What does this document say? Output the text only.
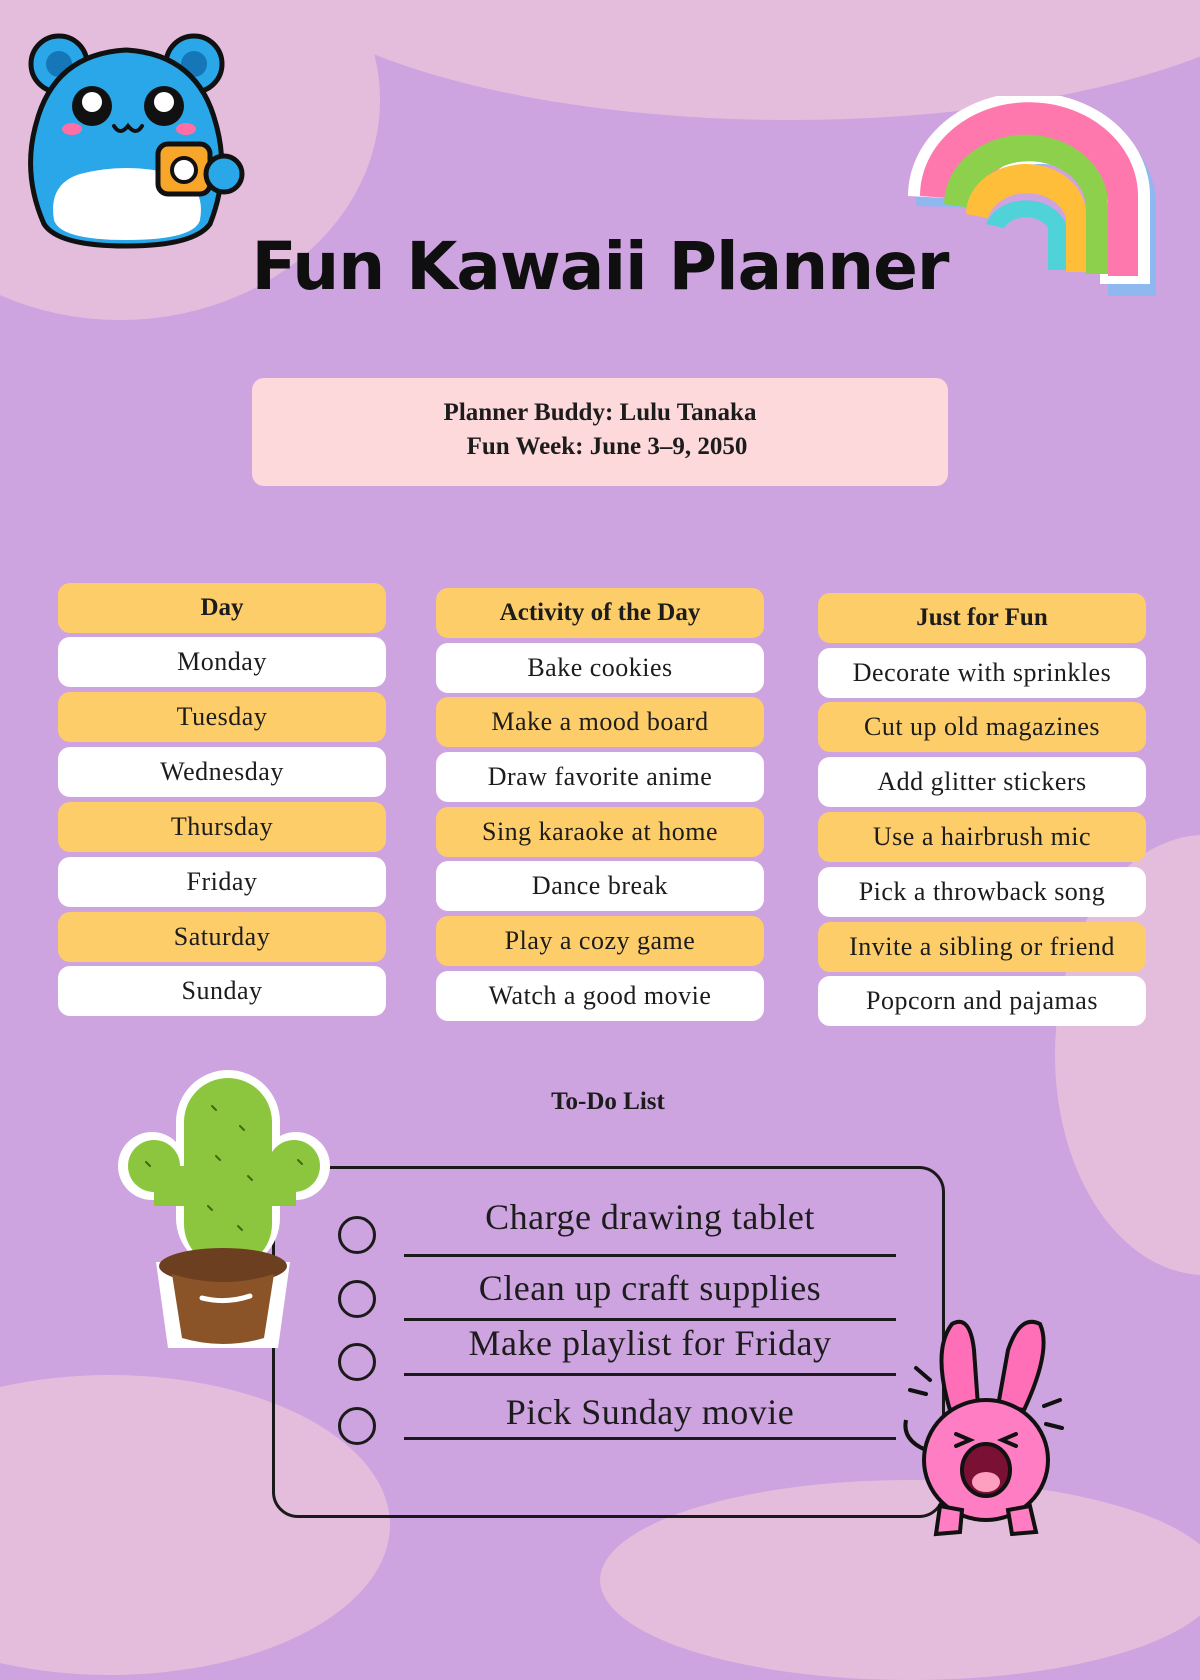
Fun Kawaii Planner
Planner Buddy: Lulu Tanaka
Fun Week: June 3–9, 2050
Day
Monday
Tuesday
Wednesday
Thursday
Friday
Saturday
Sunday
Activity of the Day
Bake cookies
Make a mood board
Draw favorite anime
Sing karaoke at home
Dance break
Play a cozy game
Watch a good movie
Just for Fun
Decorate with sprinkles
Cut up old magazines
Add glitter stickers
Use a hairbrush mic
Pick a throwback song
Invite a sibling or friend
Popcorn and pajamas
To-Do List
Charge drawing tablet
Clean up craft supplies
Make playlist for Friday
Pick Sunday movie
